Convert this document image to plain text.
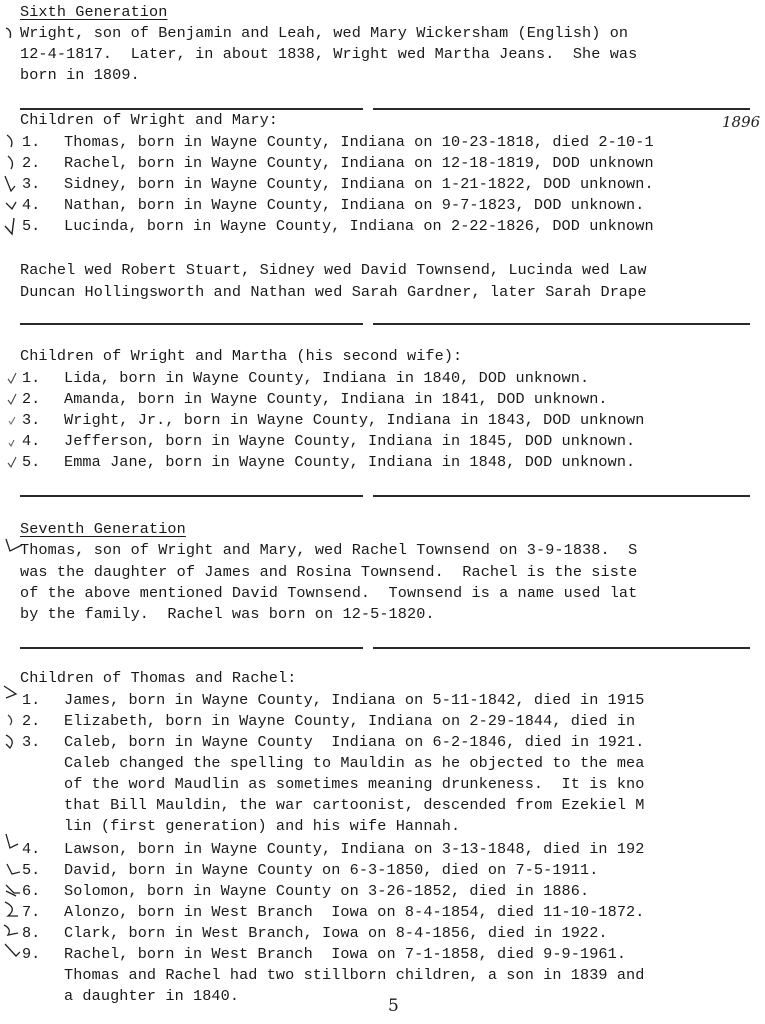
Sixth Generation
Wright, son of Benjamin and Leah, wed Mary Wickersham (English) on
12-4-1817.  Later, in about 1838, Wright wed Martha Jeans.  She was
born in 1809.
Children of Wright and Mary:	1896
1. Thomas, born in Wayne County, Indiana on 10-23-1818, died 2-10-1
2. Rachel, born in Wayne County, Indiana on 12-18-1819, DOD unknown
3. Sidney, born in Wayne County, Indiana on 1-21-1822, DOD unknown.
4. Nathan, born in Wayne County, Indiana on 9-7-1823, DOD unknown.
5. Lucinda, born in Wayne County, Indiana on 2-22-1826, DOD unknown
Rachel wed Robert Stuart, Sidney wed David Townsend, Lucinda wed Law
Duncan Hollingsworth and Nathan wed Sarah Gardner, later Sarah Drape
Children of Wright and Martha (his second wife):
1. Lida, born in Wayne County, Indiana in 1840, DOD unknown.
2. Amanda, born in Wayne County, Indiana in 1841, DOD unknown.
3. Wright, Jr., born in Wayne County, Indiana in 1843, DOD unknown
4. Jefferson, born in Wayne County, Indiana in 1845, DOD unknown.
5. Emma Jane, born in Wayne County, Indiana in 1848, DOD unknown.
Seventh Generation
Thomas, son of Wright and Mary, wed Rachel Townsend on 3-9-1838.  S
was the daughter of James and Rosina Townsend.  Rachel is the siste
of the above mentioned David Townsend.  Townsend is a name used lat
by the family.  Rachel was born on 12-5-1820.
Children of Thomas and Rachel:
1. James, born in Wayne County, Indiana on 5-11-1842, died in 1915
2. Elizabeth, born in Wayne County, Indiana on 2-29-1844, died in
3. Caleb, born in Wayne County  Indiana on 6-2-1846, died in 1921.
Caleb changed the spelling to Mauldin as he objected to the mea
of the word Maudlin as sometimes meaning drunkeness.  It is kno
that Bill Mauldin, the war cartoonist, descended from Ezekiel M
lin (first generation) and his wife Hannah.
4. Lawson, born in Wayne County, Indiana on 3-13-1848, died in 192
5. David, born in Wayne County on 6-3-1850, died on 7-5-1911.
6. Solomon, born in Wayne County on 3-26-1852, died in 1886.
7. Alonzo, born in West Branch  Iowa on 8-4-1854, died 11-10-1872.
8. Clark, born in West Branch, Iowa on 8-4-1856, died in 1922.
9. Rachel, born in West Branch  Iowa on 7-1-1858, died 9-9-1961.
Thomas and Rachel had two stillborn children, a son in 1839 and
a daughter in 1840.	5
